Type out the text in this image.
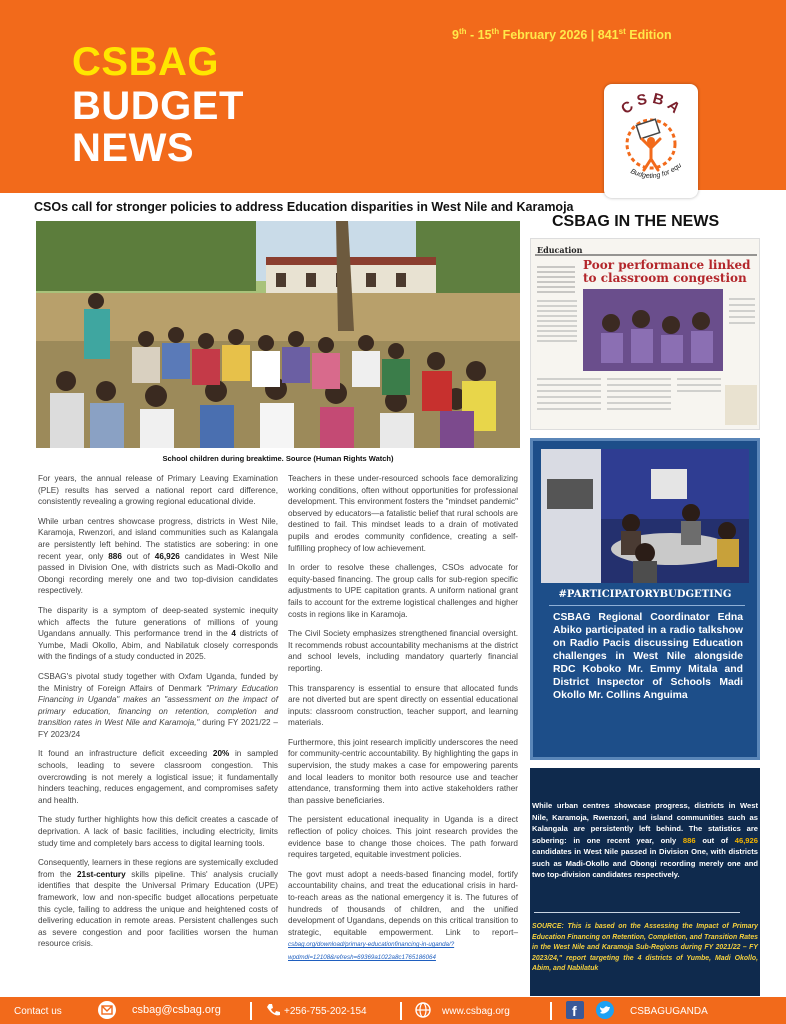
9th - 15th February 2026 | 841st Edition
CSBAG
BUDGET
NEWS
CSBA
Budgeting for equ
CSOs call for stronger policies to address Education disparities in West Nile and Karamoja
School children during breaktime. Source (Human Rights Watch)

For years, the annual release of Primary Leaving Examination (PLE) results has served a national report card difference, consistently revealing a growing regional educational divide.

While urban centres showcase progress, districts in West Nile, Karamoja, Rwenzori, and island communities such as Kalangala are persistently left behind. The statistics are sobering: in one recent year, only 886 out of 46,926 candidates in West Nile passed in Division One, with districts such as Madi-Okollo and Obongi recording merely one and two top-division candidates respectively.

The disparity is a symptom of deep-seated systemic inequity which affects the future generations of millions of young Ugandans annually. This performance trend in the 4 districts of Yumbe, Madi Okollo, Abim, and Nabilatuk closely corresponds with the findings of a study conducted in 2025.

CSBAG's pivotal study together with Oxfam Uganda, funded by the Ministry of Foreign Affairs of Denmark "Primary Education Financing in Uganda" makes an "assessment on the impact of primary education, financing on retention, completion and transition rates in West Nile and Karamoja," during FY 2021/22 – FY 2023/24

It found an infrastructure deficit exceeding 20% in sampled schools, leading to severe classroom congestion. This overcrowding is not merely a logistical issue; it fundamentally hinders teaching, reduces engagement, and compromises safety and health.

The study further highlights how this deficit creates a cascade of deprivation. A lack of basic facilities, including electricity, limits study time and completely bars access to digital learning tools.

Consequently, learners in these regions are systemically excluded from the 21st-century skills pipeline. This' analysis crucially identifies that despite the Universal Primary Education (UPE) framework, low and non-specific budget allocations perpetuate this cycle, failing to address the unique and heightened costs of delivering education in remote areas. Persistent challenges such as severe congestion and poor facilities worsen the human resource crisis.

Teachers in these under-resourced schools face demoralizing working conditions, often without opportunities for professional development. This environment fosters the "mindset pandemic" observed by educators—a fatalistic belief that rural schools are destined to fail. This mindset leads to a drain of motivated pupils and erodes community confidence, creating a self-fulfilling prophecy of low achievement.

In order to resolve these challenges, CSOs advocate for equity-based financing. The group calls for sub-region specific adjustments to UPE capitation grants. A uniform national grant fails to account for the extreme logistical challenges and higher costs in regions like in Karamoja.

The Civil Society emphasizes strengthened financial oversight. It recommends robust accountability mechanisms at the district and school levels, including mandatory quarterly financial reporting.

This transparency is essential to ensure that allocated funds are not diverted but are spent directly on essential educational inputs: classroom construction, teacher support, and learning materials.

Furthermore, this joint research implicitly underscores the need for community-centric accountability. By highlighting the gaps in supervision, the study makes a case for empowering parents and local leaders to monitor both resource use and teacher attendance, transforming them into active stakeholders rather than passive beneficiaries.

The persistent educational inequality in Uganda is a direct reflection of policy choices. This joint research provides the evidence base to change those choices. The path forward requires targeted, equitable investment policies.

The govt must adopt a needs-based financing model, fortify accountability chains, and treat the educational crisis in hard-to-reach areas as the national emergency it is. The futures of hundreds of thousands of children, and the unified development of Ugandans, depends on this critical transition to strategic, equitable empowerment. Link to report– csbag.org/download/primary-educationfinancing-in-uganda/?wpdmdl=12108&refresh=69369a1022a8c1765186064

CSBAG IN THE NEWS
Education
Poor performance linked to classroom congestion
#PARTICIPATORYBUDGETING
CSBAG Regional Coordinator Edna Abiko participated in a radio talkshow on Radio Pacis discussing Education challenges in West Nile alongside RDC Koboko Mr. Emmy Mitala and District Inspector of Schools Madi Okollo Mr. Collins Anguima
While urban centres showcase progress, districts in West Nile, Karamoja, Rwenzori, and island communities such as Kalangala are persistently left behind. The statistics are sobering: in one recent year, only 886 out of 46,926 candidates in West Nile passed in Division One, with districts such as Madi-Okollo and Obongi recording merely one and two top-division candidates respectively.
SOURCE: This is based on the Assessing the Impact of Primary Education Financing on Retention, Completion, and Transition Rates in the West Nile and Karamoja Sub-Regions during FY 2021/22 – FY 2023/24," report targeting the 4 districts of Yumbe, Madi Okollo, Abim, and Nabilatuk
Contact us	csbag@csbag.org	+256-755-202-154	www.csbag.org	f	CSBAGUGANDA
